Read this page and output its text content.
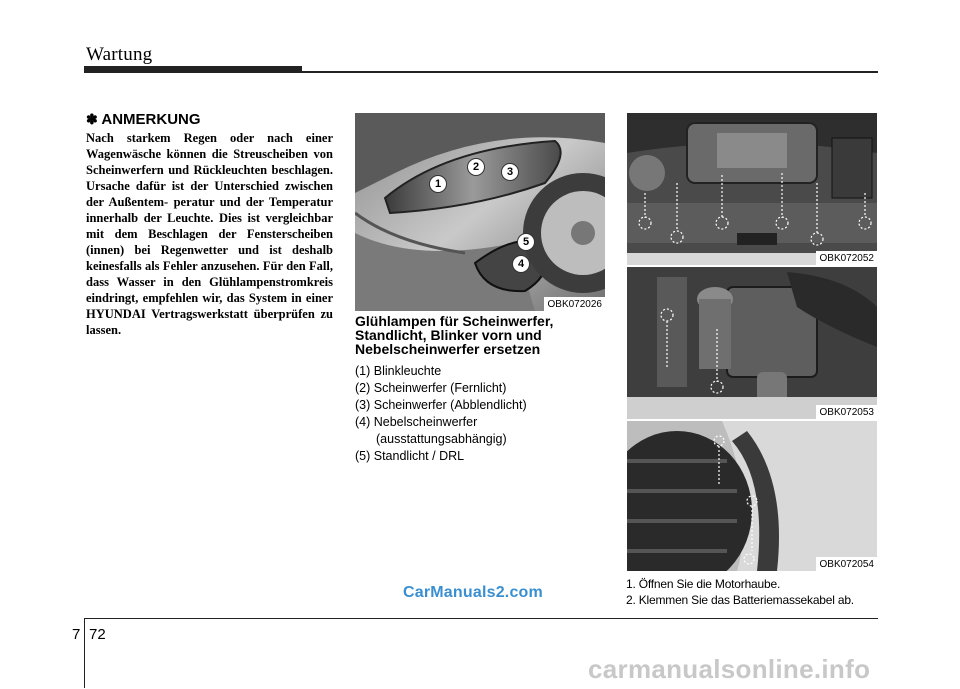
Wartung
✽ ANMERKUNG
Nach starkem Regen oder nach einer Wagenwäsche können die Streuscheiben von Scheinwerfern und Rückleuchten beschlagen. Ursache dafür ist der Unterschied zwischen der Außentem- peratur und der Temperatur innerhalb der Leuchte. Dies ist vergleichbar mit dem Beschlagen der Fensterscheiben (innen) bei Regenwetter und ist deshalb keinesfalls als Fehler anzusehen. Für den Fall, dass Wasser in den Glühlampenstromkreis eindringt, empfehlen wir, das System in einer HYUNDAI Vertragswerkstatt überprüfen zu lassen.
1
2	3
4
5
OBK072026
Glühlampen für Scheinwerfer, Standlicht, Blinker vorn und Nebelscheinwerfer ersetzen
(1) Blinkleuchte
(2) Scheinwerfer (Fernlicht)
(3) Scheinwerfer (Abblendlicht)
(4) Nebelscheinwerfer
(ausstattungsabhängig)
(5) Standlicht / DRL
OBK072052
OBK072053
OBK072054
1. Öffnen Sie die Motorhaube.
2. Klemmen Sie das Batteriemassekabel ab.
CarManuals2.com
7 72
carmanualsonline.info
